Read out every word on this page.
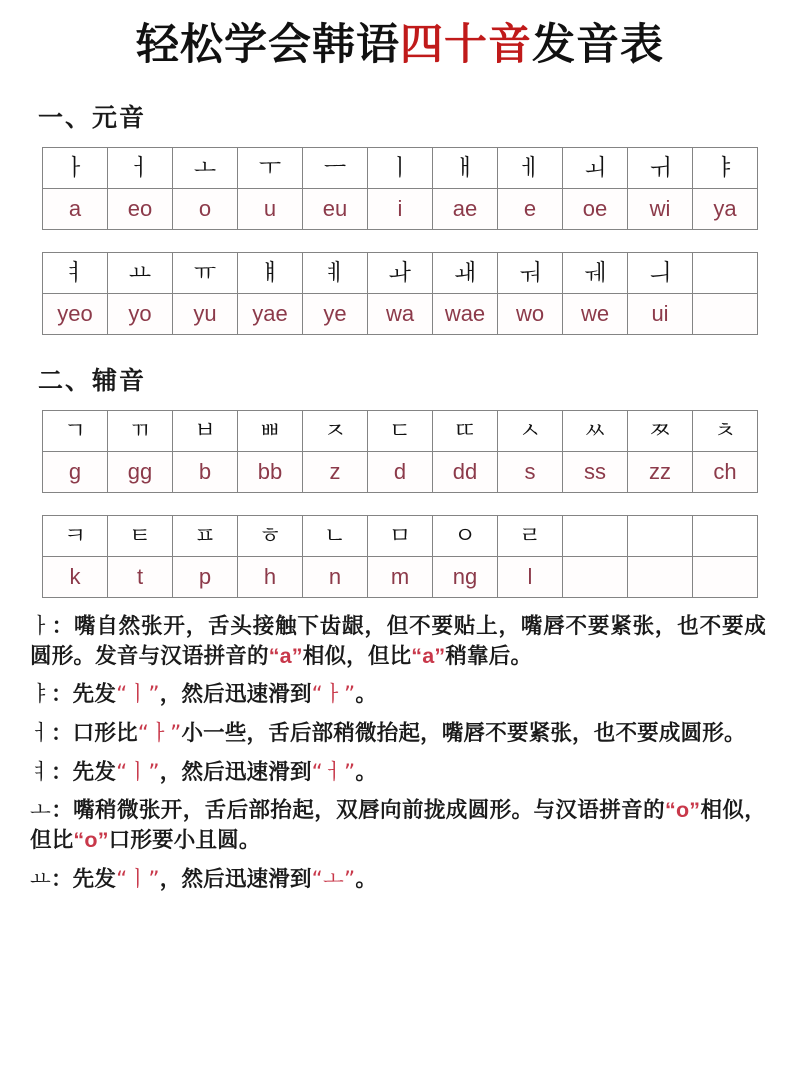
轻松学会韩语四十音发音表
一、元音
ㅏ	ㅓ	ㅗ	ㅜ	ㅡ	ㅣ	ㅐ	ㅔ	ㅚ	ㅟ	ㅑ
a	eo	o	u	eu	i	ae	e	oe	wi	ya
ㅕ	ㅛ	ㅠ	ㅒ	ㅖ	ㅘ	ㅙ	ㅝ	ㅞ	ㅢ	
yeo	yo	yu	yae	ye	wa	wae	wo	we	ui	
二、辅音
ㄱ	ㄲ	ㅂ	ㅃ	ㅈ	ㄷ	ㄸ	ㅅ	ㅆ	ㅉ	ㅊ
g	gg	b	bb	z	d	dd	s	ss	zz	ch
ㅋ	ㅌ	ㅍ	ㅎ	ㄴ	ㅁ	ㅇ	ㄹ			
k	t	p	h	n	m	ng	l			

ㅏ：嘴自然张开，舌头接触下齿龈，但不要贴上，嘴唇不要紧张，也不要成圆形。发音与汉语拼音的“a”相似，但比“a”稍靠后。

ㅑ：先发“ㅣ”，然后迅速滑到“ㅏ”。

ㅓ：口形比“ㅏ”小一些，舌后部稍微抬起，嘴唇不要紧张，也不要成圆形。

ㅕ：先发“ㅣ”，然后迅速滑到“ㅓ”。

ㅗ：嘴稍微张开，舌后部抬起，双唇向前拢成圆形。与汉语拼音的“o”相似，但比“o”口形要小且圆。

ㅛ：先发“ㅣ”，然后迅速滑到“ㅗ”。
